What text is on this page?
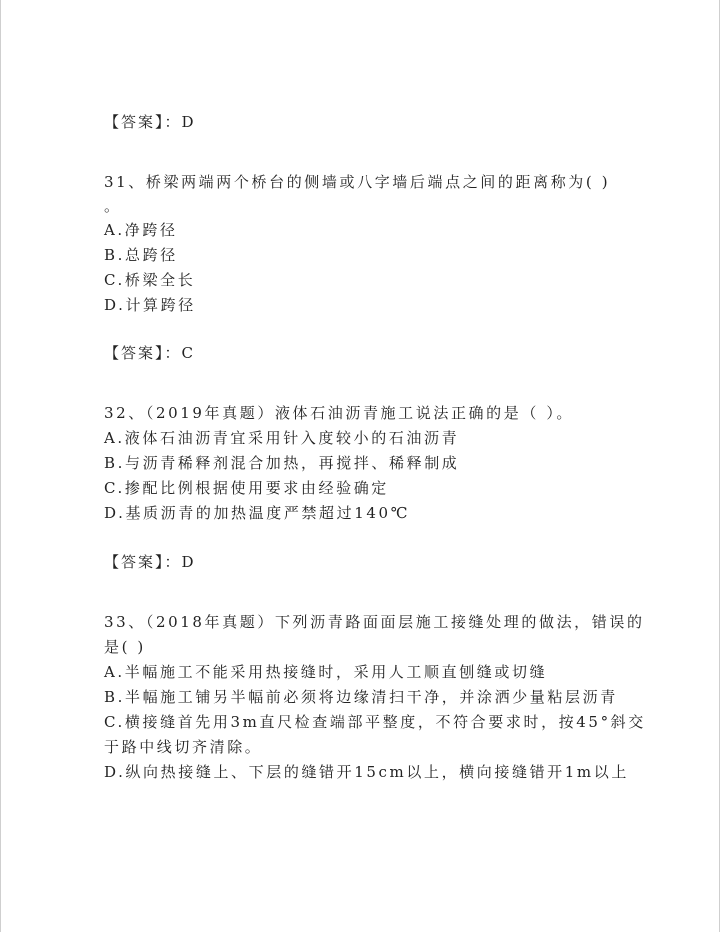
【答案】：D
31、桥梁两端两个桥台的侧墙或八字墙后端点之间的距离称为( )
。
A.净跨径
B.总跨径
C.桥梁全长
D.计算跨径
【答案】：C
32、（2019年真题）液体石油沥青施工说法正确的是（ ）。
A.液体石油沥青宜采用针入度较小的石油沥青
B.与沥青稀释剂混合加热，再搅拌、稀释制成
C.掺配比例根据使用要求由经验确定
D.基质沥青的加热温度严禁超过140℃
【答案】：D
33、（2018年真题）下列沥青路面面层施工接缝处理的做法，错误的
是( )
A.半幅施工不能采用热接缝时，采用人工顺直刨缝或切缝
B.半幅施工铺另半幅前必须将边缘清扫干净，并涂洒少量粘层沥青
C.横接缝首先用3m直尺检查端部平整度，不符合要求时，按45°斜交
于路中线切齐清除。
D.纵向热接缝上、下层的缝错开15cm以上，横向接缝错开1m以上
